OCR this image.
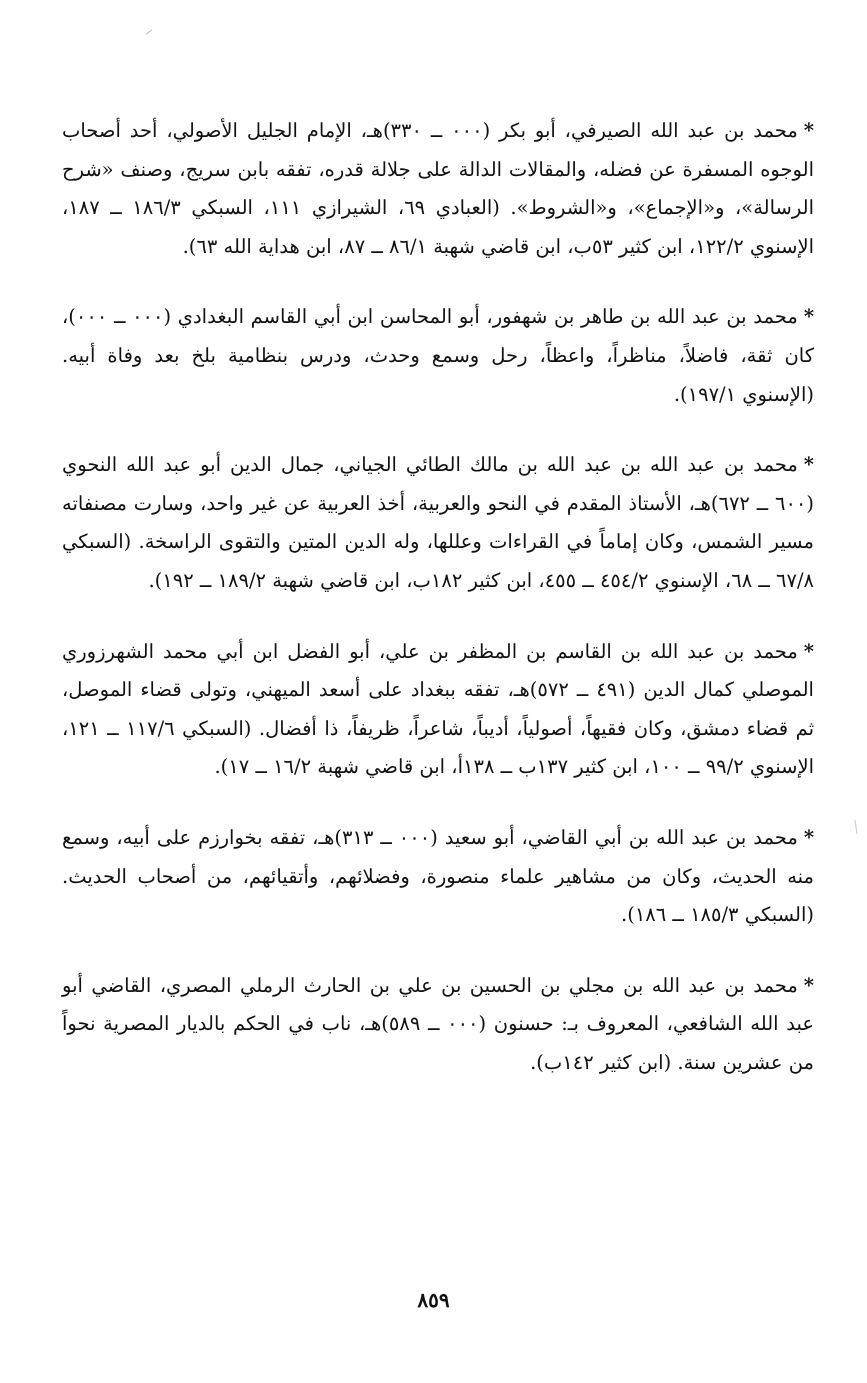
*محمد بن عبد الله الصيرفي، أبو بكر (٠٠٠ ــ ٣٣٠)هـ، الإمام الجليل الأصولي، أحد أصحاب الوجوه المسفرة عن فضله، والمقالات الدالة على جلالة قدره، تفقه بابن سريج، وصنف «شرح الرسالة»، و«الإجماع»، و«الشروط». (العبادي ٦٩، الشيرازي ١١١، السبكي ١٨٦/٣ ــ ١٨٧، الإسنوي ١٢٢/٢، ابن كثير ٥٣ب، ابن قاضي شهبة ٨٦/١ ــ ٨٧، ابن هداية الله ٦٣).

*محمد بن عبد الله بن طاهر بن شهفور، أبو المحاسن ابن أبي القاسم البغدادي (٠٠٠ ــ ٠٠٠)، كان ثقة، فاضلاً، مناظراً، واعظاً، رحل وسمع وحدث، ودرس بنظامية بلخ بعد وفاة أبيه. (الإسنوي ١٩٧/١).

*محمد بن عبد الله بن عبد الله بن مالك الطائي الجياني، جمال الدين أبو عبد الله النحوي (٦٠٠ ــ ٦٧٢)هـ، الأستاذ المقدم في النحو والعربية، أخذ العربية عن غير واحد، وسارت مصنفاته مسير الشمس، وكان إماماً في القراءات وعللها، وله الدين المتين والتقوى الراسخة. (السبكي ٦٧/٨ ــ ٦٨، الإسنوي ٤٥٤/٢ ــ ٤٥٥، ابن كثير ١٨٢ب، ابن قاضي شهبة ١٨٩/٢ ــ ١٩٢).

*محمد بن عبد الله بن القاسم بن المظفر بن علي، أبو الفضل ابن أبي محمد الشهرزوري الموصلي كمال الدين (٤٩١ ــ ٥٧٢)هـ، تفقه ببغداد على أسعد الميهني، وتولى قضاء الموصل، ثم قضاء دمشق، وكان فقيهاً، أصولياً، أديباً، شاعراً، ظريفاً، ذا أفضال. (السبكي ١١٧/٦ ــ ١٢١، الإسنوي ٩٩/٢ ــ ١٠٠، ابن كثير ١٣٧ب ــ ١٣٨أ، ابن قاضي شهبة ١٦/٢ ــ ١٧).

*محمد بن عبد الله بن أبي القاضي، أبو سعيد (٠٠٠ ــ ٣١٣)هـ، تفقه بخوارزم على أبيه، وسمع منه الحديث، وكان من مشاهير علماء منصورة، وفضلائهم، وأتقيائهم، من أصحاب الحديث. (السبكي ١٨٥/٣ ــ ١٨٦).

*محمد بن عبد الله بن مجلي بن الحسين بن علي بن الحارث الرملي المصري، القاضي أبو عبد الله الشافعي، المعروف بـ: حسنون (٠٠٠ ــ ٥٨٩)هـ، ناب في الحكم بالديار المصرية نحواً من عشرين سنة. (ابن كثير ١٤٢ب).

٨٥٩
